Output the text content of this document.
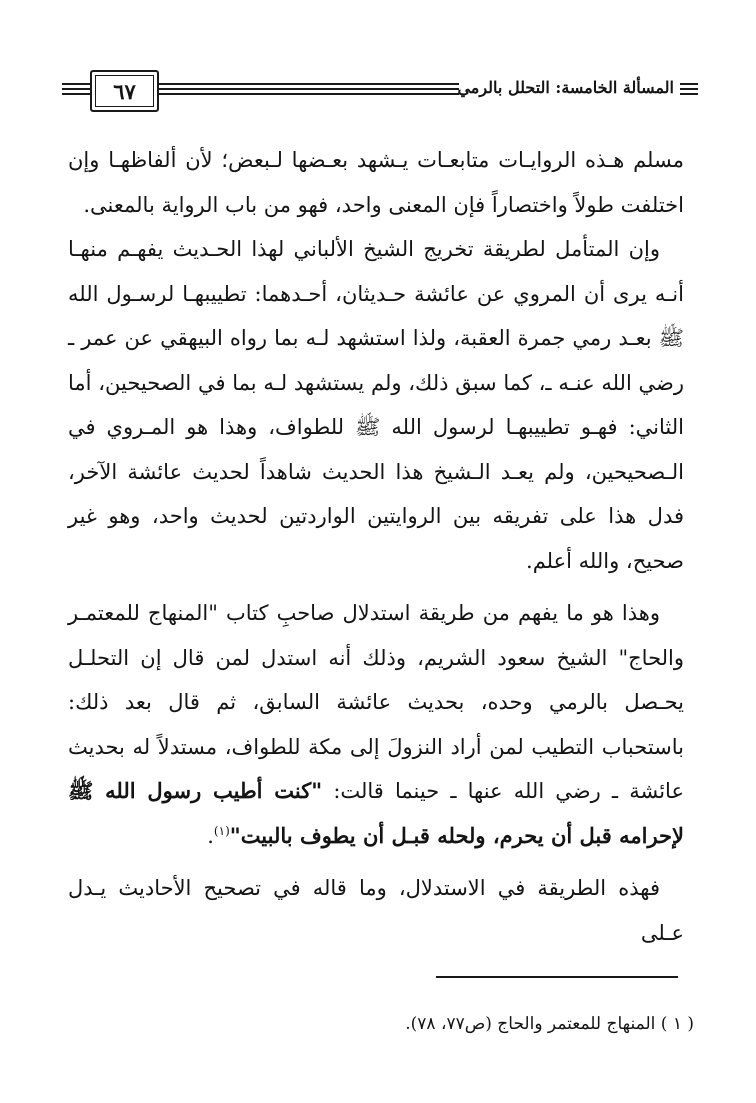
٦٧	المسألة الخامسة: التحلل بالرمي

مسلم هـذه الروايـات متابعـات يـشهد بعـضها لـبعض؛ لأن ألفاظهـا وإن اختلفت طولاً واختصاراً فإن المعنى واحد، فهو من باب الرواية بالمعنى.

وإن المتأمل لطريقة تخريج الشيخ الألباني لهذا الحـديث يفهـم منهـا أنـه يرى أن المروي عن عائشة حـديثان، أحـدهما: تطييبهـا لرسـول الله ﷺ بعـد رمي جمرة العقبة، ولذا استشهد لـه بما رواه البيهقي عن عمر ـ رضي الله عنـه ـ، كما سبق ذلك، ولم يستشهد لـه بما في الصحيحين، أما الثاني: فهـو تطييبهـا لرسول الله ﷺ للطواف، وهذا هو المـروي في الـصحيحين، ولم يعـد الـشيخ هذا الحديث شاهداً لحديث عائشة الآخر، فدل هذا على تفريقه بين الروايتين الواردتين لحديث واحد، وهو غير صحيح، والله أعلم.

وهذا هو ما يفهم من طريقة استدلال صاحبِ كتاب "المنهاج للمعتمـر والحاج" الشيخ سعود الشريم، وذلك أنه استدل لمن قال إن التحلـل يحـصل بالرمي وحده، بحديث عائشة السابق، ثم قال بعد ذلك: باستحباب التطيب لمن أراد النزولَ إلى مكة للطواف، مستدلاً له بحديث عائشة ـ رضي الله عنها ـ حينما قالت: "كنت أطيب رسول الله ﷺ لإحرامه قبل أن يحرم، ولحله قبـل أن يطوف بالبيت"$^{(١)}$.

فهذه الطريقة في الاستدلال، وما قاله في تصحيح الأحاديث يـدل عـلى

( ١ ) المنهاج للمعتمر والحاج (ص٧٧، ٧٨).
